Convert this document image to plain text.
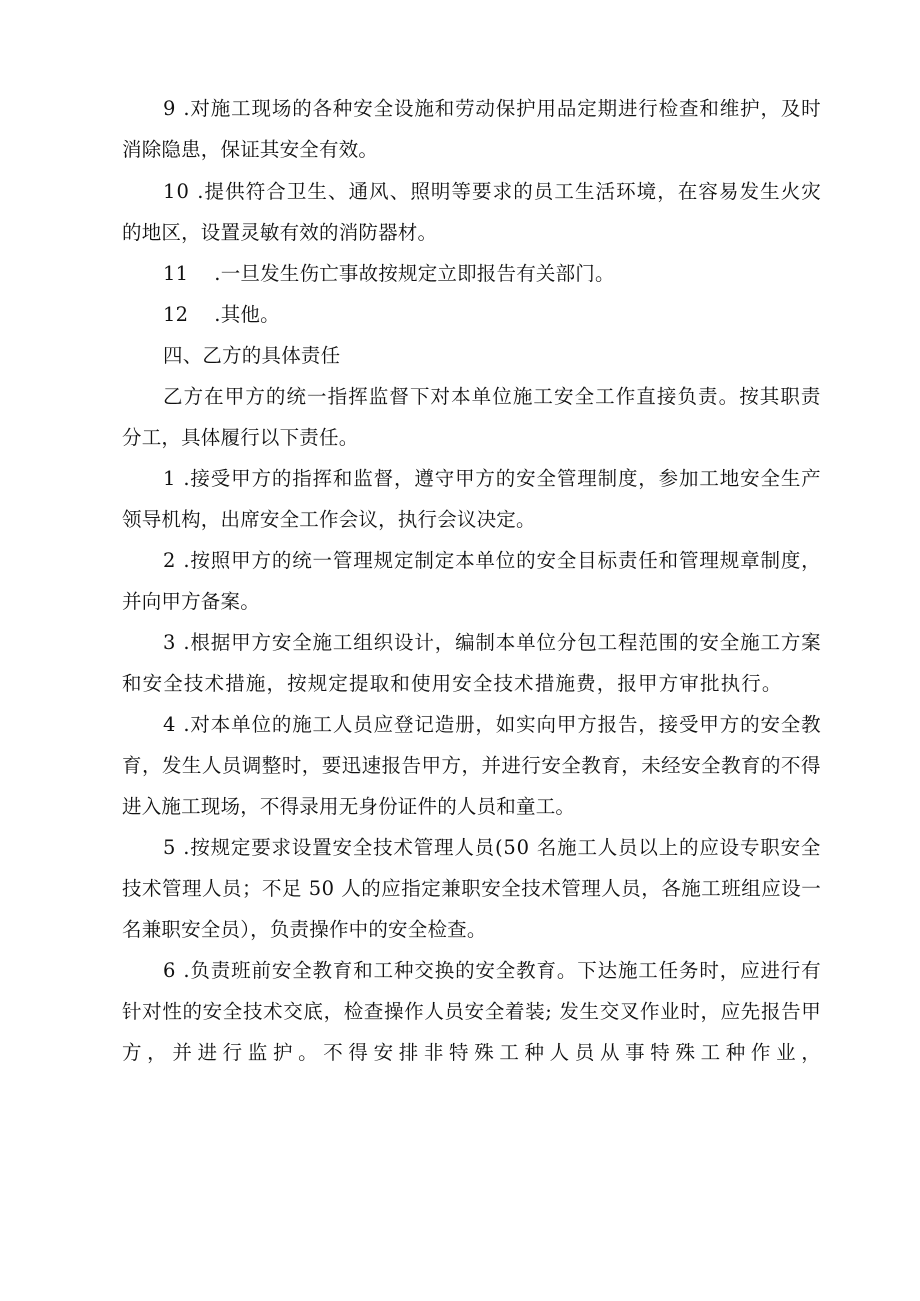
9
. 对 施 工 现 场 的 各 种 安 全 设 施 和 劳 动 保 护 用 品 定 期 进 行 检 查 和 维 护 ， 及 时
消除隐患，保证其安全有效。
1 0
. 提 供 符 合 卫 生 、 通 风 、 照 明 等 要 求 的 员 工 生 活 环 境 ， 在 容 易 发 生 火 灾
的地区，设置灵敏有效的消防器材。
11　 .一旦发生伤亡事故按规定立即报告有关部门。
12　 .其他。
四、乙方的具体责任
乙 方 在 甲 方 的 统 一 指 挥 监 督 下 对 本 单 位 施 工 安 全 工 作 直 接 负 责 。 按 其 职 责
分工，具体履行以下责任。
1
. 接 受 甲 方 的 指 挥 和 监 督 ， 遵 守 甲 方 的 安 全 管 理 制 度 ， 参 加 工 地 安 全 生 产
领导机构，出席安全工作会议，执行会议决定。
2
. 按 照 甲 方 的 统 一 管 理 规 定 制 定 本 单 位 的 安 全 目 标 责 任 和 管 理 规 章 制 度 ，
并向甲方备案。
3
. 根 据 甲 方 安 全 施 工 组 织 设 计 ， 编 制 本 单 位 分 包 工 程 范 围 的 安 全 施 工 方 案
和 安 全 技 术 措 施 ， 按 规 定 提 取 和 使 用 安 全 技 术 措 施 费 ， 报 甲 方 审 批 执 行 。
4
. 对 本 单 位 的 施 工 人 员 应 登 记 造 册 ， 如 实 向 甲 方 报 告 ， 接 受 甲 方 的 安 全 教
育 ， 发 生 人 员 调 整 时 ， 要 迅 速 报 告 甲 方 ， 并 进 行 安 全 教 育 ， 未 经 安 全 教 育 的 不 得
进入施工现场，不得录用无身份证件的人员和童工。
5
. 按 规 定 要 求 设 置 安 全 技 术 管 理 人 员 ( 5 0
名 施 工 人 员 以 上 的 应 设 专 职 安 全
技 术 管 理 人 员 ； 不 足
5 0
人 的 应 指 定 兼 职 安 全 技 术 管 理 人 员 ， 各 施 工 班 组 应 设 一
名兼职安全员），负责操作中的安全检查。
6
. 负 责 班 前 安 全 教 育 和 工 种 交 换 的 安 全 教 育 。 下 达 施 工 任 务 时 ， 应 进 行 有
针 对 性 的 安 全 技 术 交 底 ， 检 查 操 作 人 员 安 全 着 装 ;
发 生 交 叉 作 业 时 ， 应 先 报 告 甲
方 ， 并 进 行 监 护 。 不 得 安 排 非 特 殊 工 种 人 员 从 事 特 殊 工 种 作 业 ，
